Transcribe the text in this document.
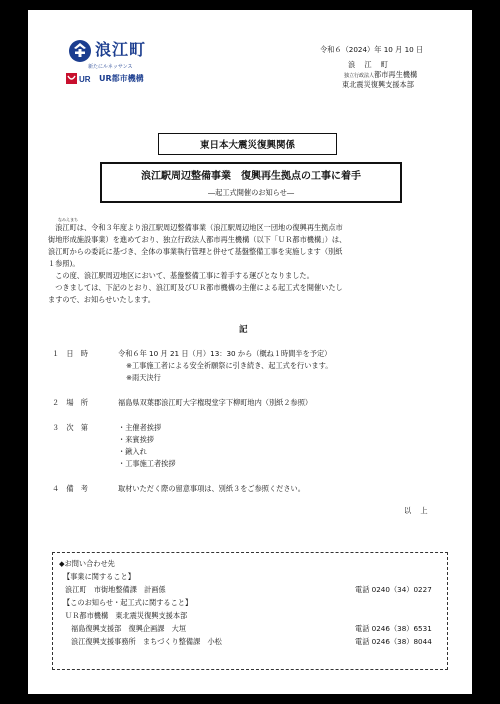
浪江町
新たにルネッサンス
UR UR都市機構
令和６（2024）年 10 月 10 日
浪　江　町
独立行政法人 都市再生機構
東北震災復興支援本部
東日本大震災復興関係
浪江駅周辺整備事業　復興再生拠点の工事に着手
―起工式開催のお知らせ―
なみえまち
　浪江町は、令和３年度より浪江駅周辺整備事業（浪江駅周辺地区一団地の復興再生拠点市
街地形成施設事業）を進めており、独立行政法人都市再生機構（以下「ＵＲ都市機構」）は、
浪江町からの委託に基づき、全体の事業執行管理と併せて基盤整備工事を実施します（別紙
１参照)。
　この度、浪江駅周辺地区において、基盤整備工事に着手する運びとなりました。
　つきましては、下記のとおり、浪江町及びＵＲ都市機構の主催による起工式を開催いたし
ますので、お知らせいたします。
記
１　日　時	令和６年 10 月 21 日（月）13：30 から（概ね１時間半を予定）
※工事施工者による安全祈願祭に引き続き、起工式を行います。
※雨天決行
２　場　所	福島県双葉郡浪江町大字権現堂字下柳町地内（別紙２参照）
３　次　第	・主催者挨拶
・来賓挨拶
・鍬入れ
・工事施工者挨拶
４　備　考	取材いただく際の留意事項は、別紙３をご参照ください。
以　上
◆お問い合わせ先
【事業に関すること】
浪江町　市街地整備課　計画係	電話 0240（34）0227
【このお知らせ・起工式に関すること】
ＵＲ都市機構　東北震災復興支援本部
福島復興支援部　復興企画課　大垣	電話 0246（38）6531
浪江復興支援事務所　まちづくり整備課　小松	電話 0246（38）8044
